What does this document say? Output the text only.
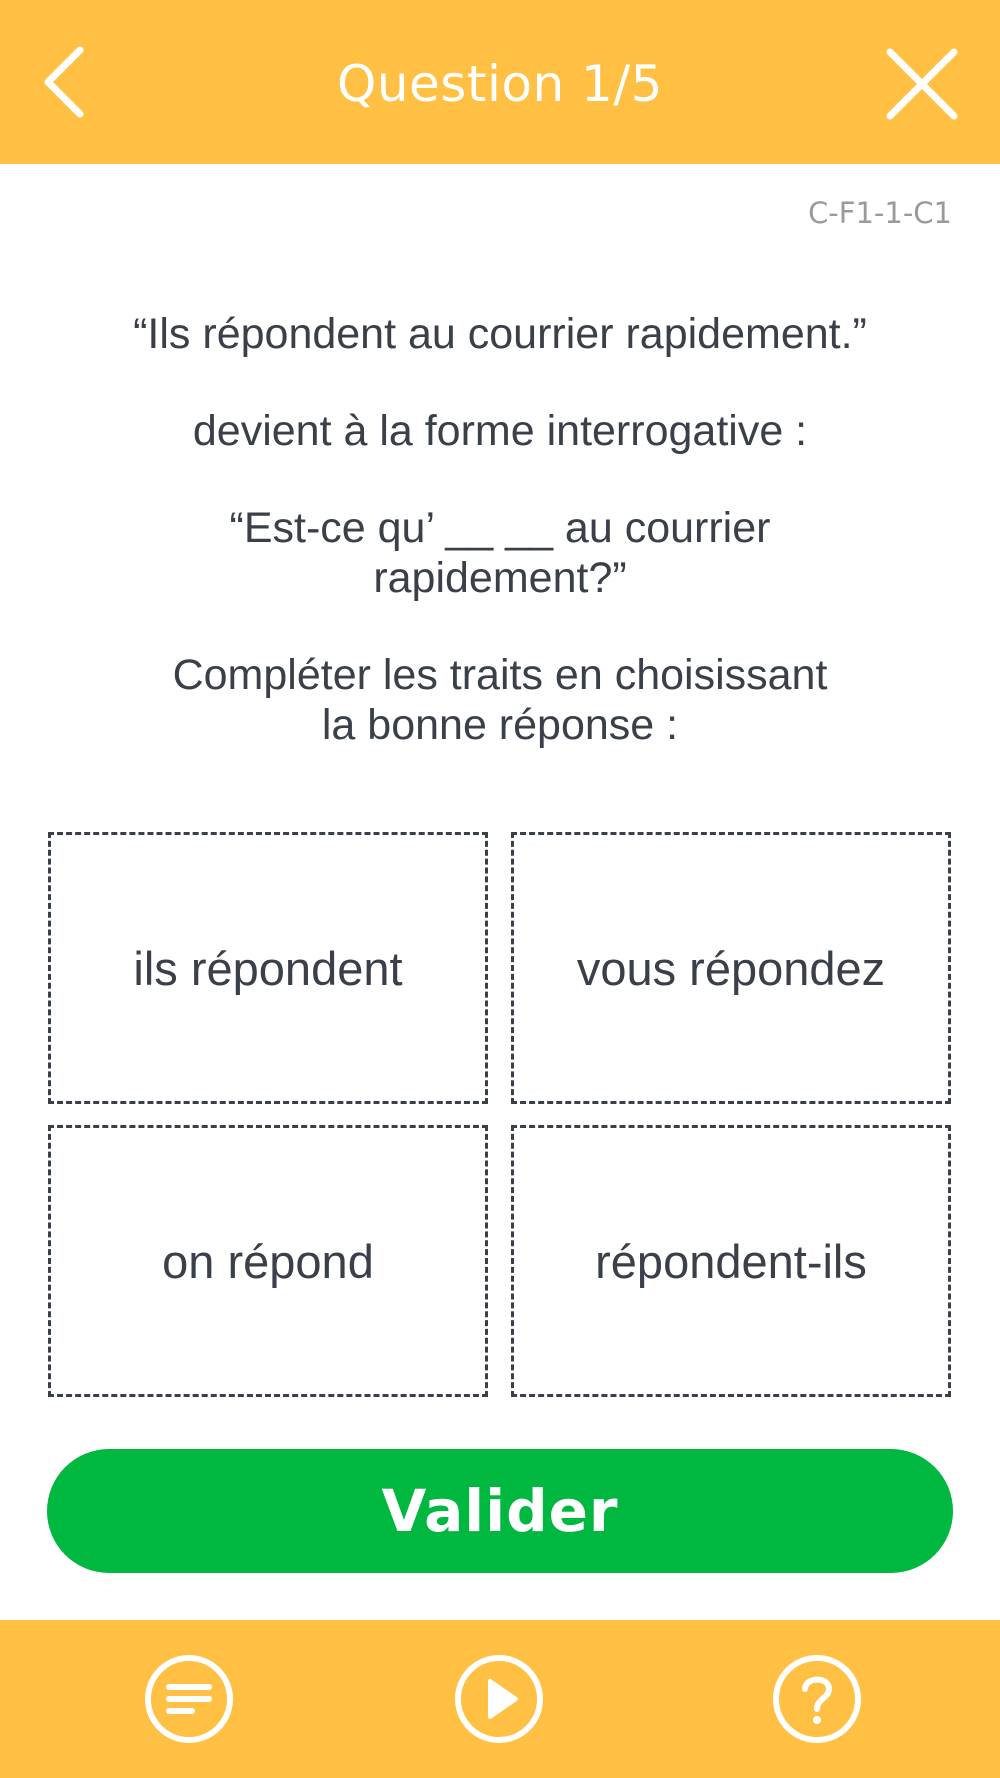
Question 1/5
C-F1-1-C1
“Ils répondent au courrier rapidement.”
devient à la forme interrogative :
“Est-ce qu’ __ __ au courrier
rapidement?”
Compléter les traits en choisissant
la bonne réponse :
ils répondent	vous répondez
on répond	répondent-ils
Valider
